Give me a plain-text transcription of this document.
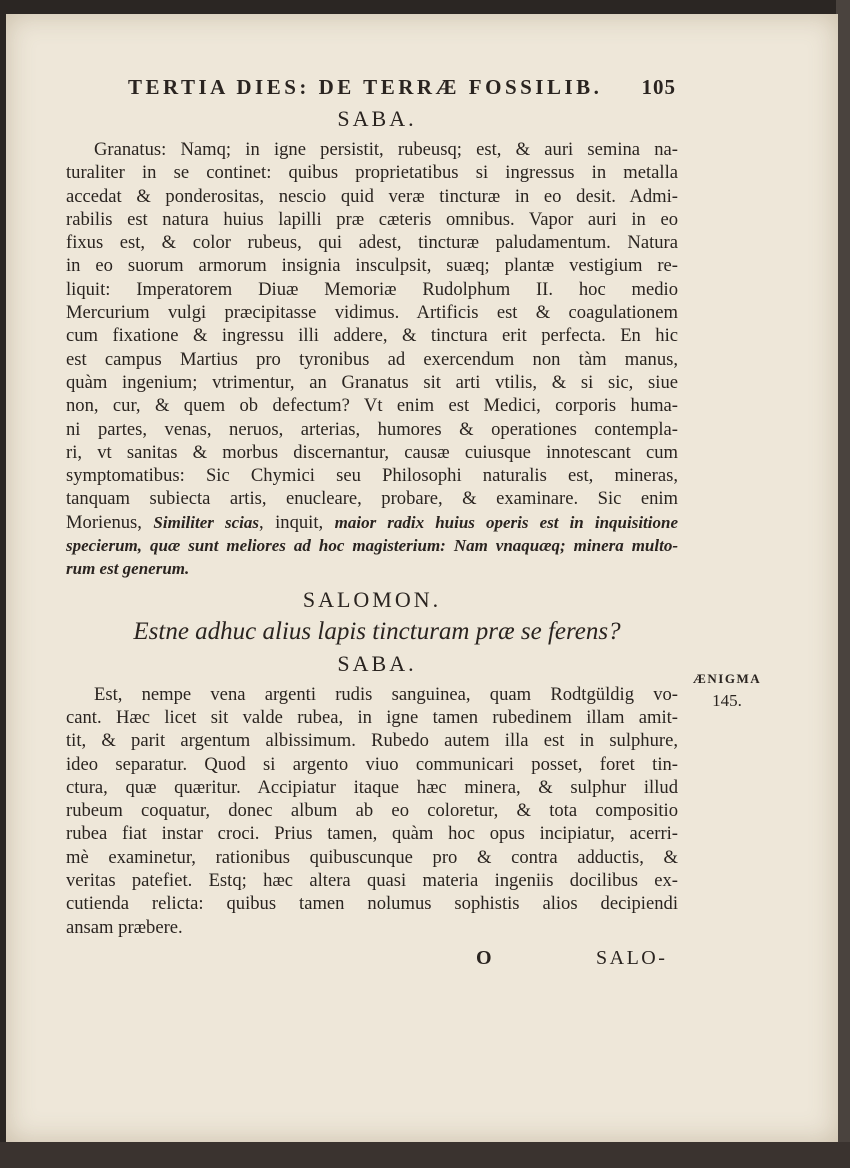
TERTIA DIES: DE TERRÆ FOSSILIB. 105
SABA.
Granatus: Namq; in igne persistit, rubeusq; est, & auri semina na-
turaliter in se continet: quibus proprietatibus si ingressus in metalla
accedat & ponderositas, nescio quid veræ tincturæ in eo desit. Admi-
rabilis est natura huius lapilli præ cæteris omnibus. Vapor auri in eo
fixus est, & color rubeus, qui adest, tincturæ paludamentum. Natura
in eo suorum armorum insignia insculpsit, suæq; plantæ vestigium re-
liquit: Imperatorem Diuæ Memoriæ Rudolphum II. hoc medio
Mercurium vulgi præcipitasse vidimus. Artificis est & coagulationem
cum fixatione & ingressu illi addere, & tinctura erit perfecta. En hic
est campus Martius pro tyronibus ad exercendum non tàm manus,
quàm ingenium; vtrimentur, an Granatus sit arti vtilis, & si sic, siue
non, cur, & quem ob defectum? Vt enim est Medici, corporis huma-
ni partes, venas, neruos, arterias, humores & operationes contempla-
ri, vt sanitas & morbus discernantur, causæ cuiusque innotescant cum
symptomatibus: Sic Chymici seu Philosophi naturalis est, mineras,
tanquam subiecta artis, enucleare, probare, & examinare. Sic enim
Morienus, Similiter scias, inquit, maior radix huius operis est in inquisitione
specierum, quæ sunt meliores ad hoc magisterium: Nam vnaquæq; minera multo-
rum est generum.
SALOMON.
Estne adhuc alius lapis tincturam præ se ferens?
SABA.
Est, nempe vena argenti rudis sanguinea, quam Rodtgüldig vo-
cant. Hæc licet sit valde rubea, in igne tamen rubedinem illam amit-
tit, & parit argentum albissimum. Rubedo autem illa est in sulphure,
ideo separatur. Quod si argento viuo communicari posset, foret tin-
ctura, quæ quæritur. Accipiatur itaque hæc minera, & sulphur illud
rubeum coquatur, donec album ab eo coloretur, & tota compositio
rubea fiat instar croci. Prius tamen, quàm hoc opus incipiatur, acerri-
mè examinetur, rationibus quibuscunque pro & contra adductis, &
veritas patefiet. Estq; hæc altera quasi materia ingeniis docilibus ex-
cutienda relicta: quibus tamen nolumus sophistis alios decipiendi
ansam præbere.
O	SALO-
ÆNIGMA
145.
